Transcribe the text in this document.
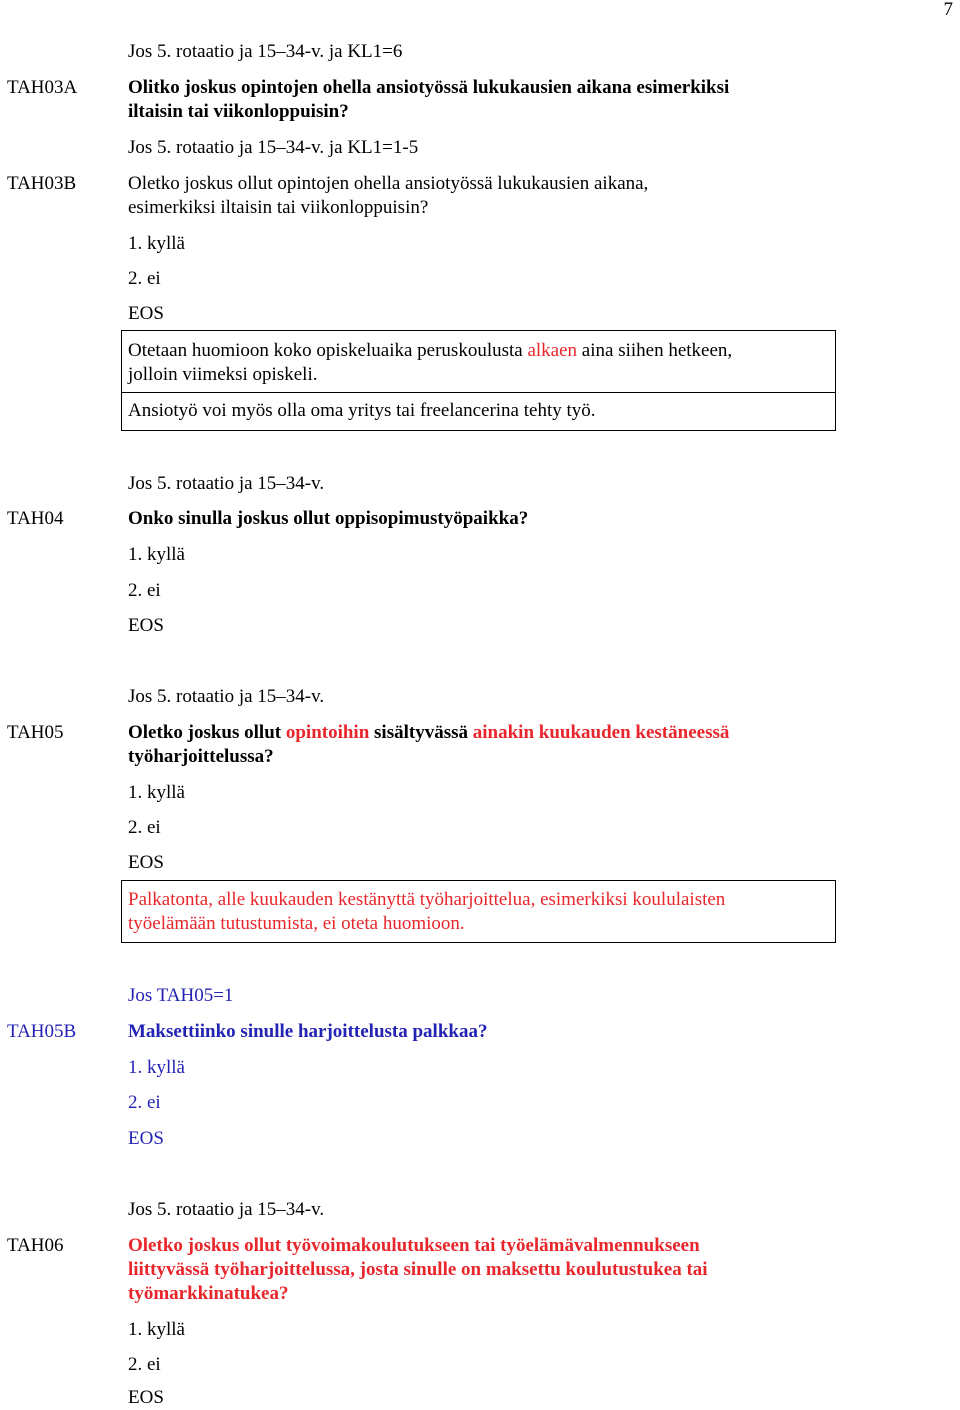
7
Jos 5. rotaatio ja 15–34-v. ja KL1=6
TAH03A	Olitko joskus opintojen ohella ansiotyössä lukukausien aikana esimerkiksi
iltaisin tai viikonloppuisin?
Jos 5. rotaatio ja 15–34-v. ja KL1=1-5
TAH03B	Oletko joskus ollut opintojen ohella ansiotyössä lukukausien aikana,
esimerkiksi iltaisin tai viikonloppuisin?
1. kyllä
2. ei
EOS
Otetaan huomioon koko opiskeluaika peruskoulusta alkaen aina siihen hetkeen,
jolloin viimeksi opiskeli.
Ansiotyö voi myös olla oma yritys tai freelancerina tehty työ.
Jos 5. rotaatio ja 15–34-v.
TAH04	Onko sinulla joskus ollut oppisopimustyöpaikka?
1. kyllä
2. ei
EOS
Jos 5. rotaatio ja 15–34-v.
TAH05	Oletko joskus ollut opintoihin sisältyvässä ainakin kuukauden kestäneessä
työharjoittelussa?
1. kyllä
2. ei
EOS
Palkatonta, alle kuukauden kestänyttä työharjoittelua, esimerkiksi koululaisten
työelämään tutustumista, ei oteta huomioon.
Jos TAH05=1
TAH05B	Maksettiinko sinulle harjoittelusta palkkaa?
1. kyllä
2. ei
EOS
Jos 5. rotaatio ja 15–34-v.
TAH06	Oletko joskus ollut työvoimakoulutukseen tai työelämävalmennukseen
liittyvässä työharjoittelussa, josta sinulle on maksettu koulutustukea tai
työmarkkinatukea?
1. kyllä
2. ei
EOS
